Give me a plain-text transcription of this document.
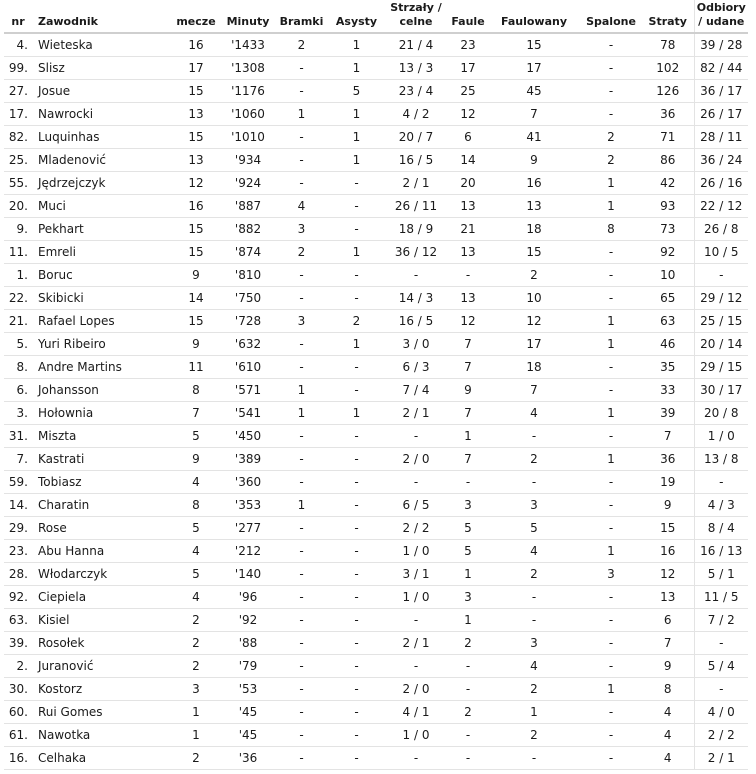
nr	Zawodnik	mecze	Minuty	Bramki	Asysty	Strzały / celne	Faule	Faulowany	Spalone	Straty	Odbiory / udane
4.	Wieteska	16	'1433	2	1	21 / 4	23	15	-	78	39 / 28
99.	Slisz	17	'1308	-	1	13 / 3	17	17	-	102	82 / 44
27.	Josue	15	'1176	-	5	23 / 4	25	45	-	126	36 / 17
17.	Nawrocki	13	'1060	1	1	4 / 2	12	7	-	36	26 / 17
82.	Luquinhas	15	'1010	-	1	20 / 7	6	41	2	71	28 / 11
25.	Mladenović	13	'934	-	1	16 / 5	14	9	2	86	36 / 24
55.	Jędrzejczyk	12	'924	-	-	2 / 1	20	16	1	42	26 / 16
20.	Muci	16	'887	4	-	26 / 11	13	13	1	93	22 / 12
9.	Pekhart	15	'882	3	-	18 / 9	21	18	8	73	26 / 8
11.	Emreli	15	'874	2	1	36 / 12	13	15	-	92	10 / 5
1.	Boruc	9	'810	-	-	-	-	2	-	10	-
22.	Skibicki	14	'750	-	-	14 / 3	13	10	-	65	29 / 12
21.	Rafael Lopes	15	'728	3	2	16 / 5	12	12	1	63	25 / 15
5.	Yuri Ribeiro	9	'632	-	1	3 / 0	7	17	1	46	20 / 14
8.	Andre Martins	11	'610	-	-	6 / 3	7	18	-	35	29 / 15
6.	Johansson	8	'571	1	-	7 / 4	9	7	-	33	30 / 17
3.	Hołownia	7	'541	1	1	2 / 1	7	4	1	39	20 / 8
31.	Miszta	5	'450	-	-	-	1	-	-	7	1 / 0
7.	Kastrati	9	'389	-	-	2 / 0	7	2	1	36	13 / 8
59.	Tobiasz	4	'360	-	-	-	-	-	-	19	-
14.	Charatin	8	'353	1	-	6 / 5	3	3	-	9	4 / 3
29.	Rose	5	'277	-	-	2 / 2	5	5	-	15	8 / 4
23.	Abu Hanna	4	'212	-	-	1 / 0	5	4	1	16	16 / 13
28.	Włodarczyk	5	'140	-	-	3 / 1	1	2	3	12	5 / 1
92.	Ciepiela	4	'96	-	-	1 / 0	3	-	-	13	11 / 5
63.	Kisiel	2	'92	-	-	-	1	-	-	6	7 / 2
39.	Rosołek	2	'88	-	-	2 / 1	2	3	-	7	-
2.	Juranović	2	'79	-	-	-	-	4	-	9	5 / 4
30.	Kostorz	3	'53	-	-	2 / 0	-	2	1	8	-
60.	Rui Gomes	1	'45	-	-	4 / 1	2	1	-	4	4 / 0
61.	Nawotka	1	'45	-	-	1 / 0	-	2	-	4	2 / 2
16.	Celhaka	2	'36	-	-	-	-	-	-	4	2 / 1
